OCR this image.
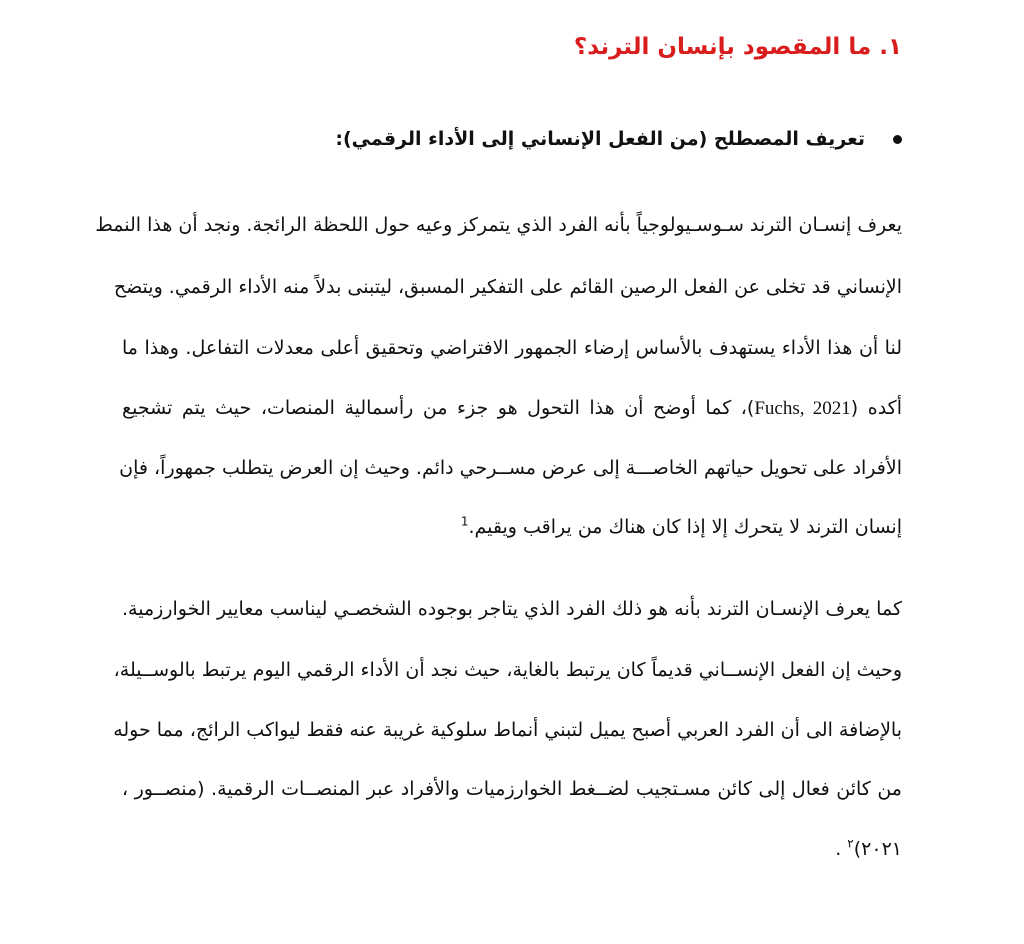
١. ما المقصود بإنسان الترند؟
تعريف المصطلح (من الفعل الإنساني إلى الأداء الرقمي):
يعرف إنسـان الترند سـوسـيولوجياً بأنه الفرد الذي يتمركز وعيه حول اللحظة الرائجة. ونجد أن هذا النمط
الإنساني قد تخلى عن الفعل الرصين القائم على التفكير المسبق، ليتبنى بدلاً منه الأداء الرقمي. ويتضح
لنا أن هذا الأداء يستهدف بالأساس إرضاء الجمهور الافتراضي وتحقيق أعلى معدلات التفاعل. وهذا ما
أكده (Fuchs, 2021)، كما أوضح أن هذا التحول هو جزء من رأسمالية المنصات، حيث يتم تشجيع
الأفراد على تحويل حياتهم الخاصـــة إلى عرض مســرحي دائم. وحيث إن العرض يتطلب جمهوراً، فإن
إنسان الترند لا يتحرك إلا إذا كان هناك من يراقب ويقيم.$^1$
كما يعرف الإنسـان الترند بأنه هو ذلك الفرد الذي يتاجر بوجوده الشخصـي ليناسب معايير الخوارزمية.
وحيث إن الفعل الإنســاني قديماً كان يرتبط بالغاية، حيث نجد أن الأداء الرقمي اليوم يرتبط بالوســيلة،
بالإضافة الى أن الفرد العربي أصبح يميل لتبني أنماط سلوكية غريبة عنه فقط ليواكب الرائج، مما حوله
من كائن فعال إلى كائن مسـتجيب لضــغط الخوارزميات والأفراد عبر المنصــات الرقمية. (منصــور ،
٢٠٢١)$^٢$ .
